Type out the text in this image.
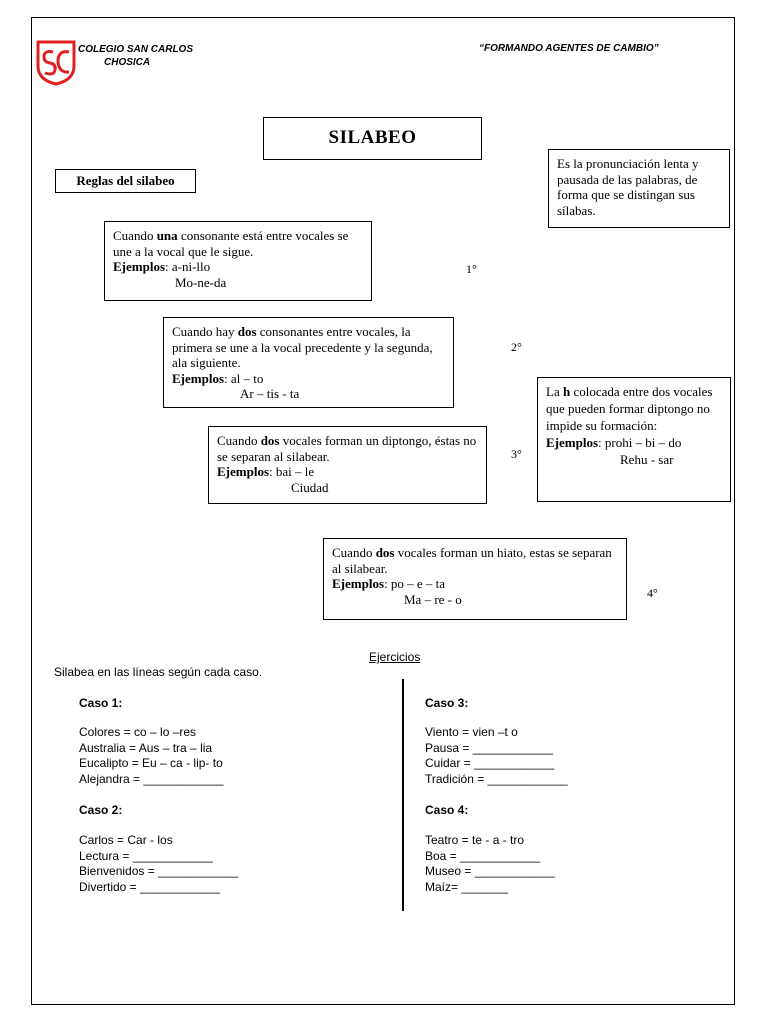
COLEGIO SAN CARLOS
CHOSICA
“FORMANDO AGENTES DE CAMBIO”
SILABEO
Reglas del silabeo
Es la pronunciación lenta y pausada de las palabras, de forma que se distingan sus sílabas.
Cuando una consonante está entre vocales se une a la vocal que le sigue.
Ejemplos: a-ni-llo
Mo-ne-da
1°
Cuando hay dos consonantes entre vocales, la primera se une a la vocal precedente y la segunda, ala siguiente.
Ejemplos: al – to
Ar – tis - ta
2°
La h colocada entre dos vocales que pueden formar diptongo no impide su formación:
Ejemplos: prohi – bi – do
Rehu - sar
Cuando dos vocales forman un diptongo, éstas no se separan al silabear.
Ejemplos: bai – le
Ciudad
3°
Cuando dos vocales forman un hiato, estas se separan al silabear.
Ejemplos: po – e – ta
Ma – re - o	4°
Ejercicios
Silabea en las líneas según cada caso.
Caso 1:
Colores = co – lo –res
Australia = Aus – tra – lia
Eucalipto = Eu – ca - lip- to
Alejandra = ____________
Caso 2:
Carlos = Car - los
Lectura = ____________
Bienvenidos = ____________
Divertido = ____________
Caso 3:
Viento = vien –t o
Pausa = ____________
Cuidar = ____________
Tradición = ____________
Caso 4:
Teatro = te - a - tro
Boa = ____________
Museo = ____________
Maíz= _______
